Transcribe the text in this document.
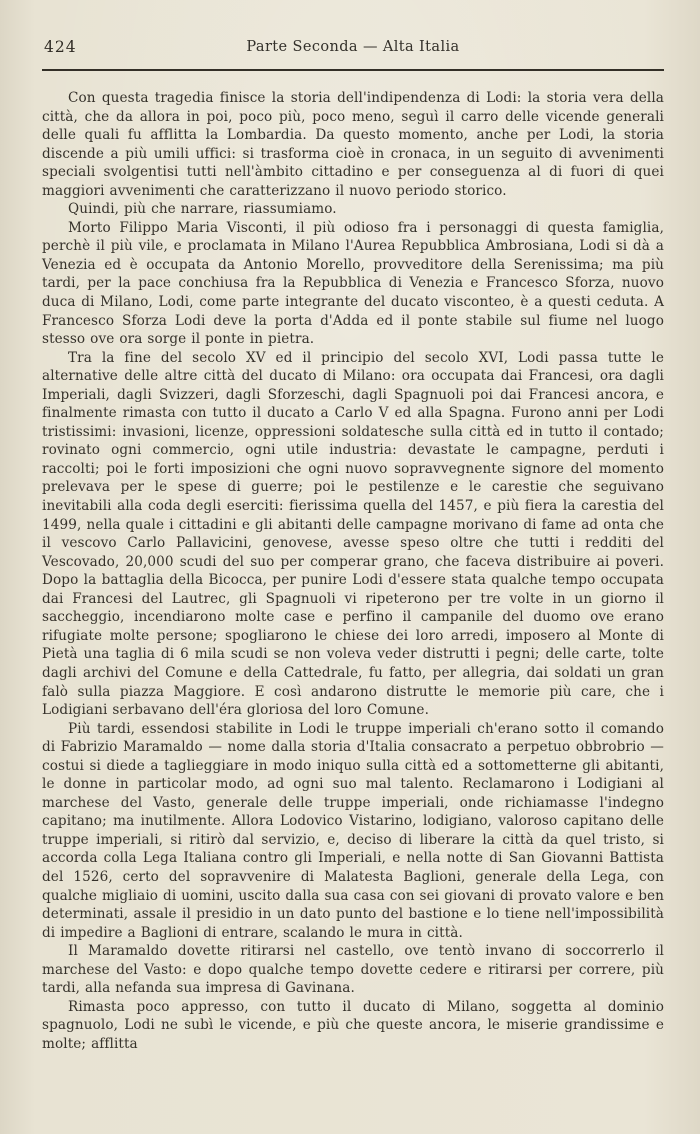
424	Parte Seconda — Alta Italia

Con questa tragedia finisce la storia dell'indipendenza di Lodi: la storia vera della città, che da allora in poi, poco più, poco meno, seguì il carro delle vicende generali delle quali fu afflitta la Lombardia. Da questo momento, anche per Lodi, la storia discende a più umili uffici: si trasforma cioè in cronaca, in un seguito di avvenimenti speciali svolgentisi tutti nell'àmbito cittadino e per conseguenza al di fuori di quei maggiori avvenimenti che caratterizzano il nuovo periodo storico.

Quindi, più che narrare, riassumiamo.

Morto Filippo Maria Visconti, il più odioso fra i personaggi di questa famiglia, perchè il più vile, e proclamata in Milano l'Aurea Repubblica Ambrosiana, Lodi si dà a Venezia ed è occupata da Antonio Morello, provveditore della Serenissima; ma più tardi, per la pace conchiusa fra la Repubblica di Venezia e Francesco Sforza, nuovo duca di Milano, Lodi, come parte integrante del ducato visconteo, è a questi ceduta. A Francesco Sforza Lodi deve la porta d'Adda ed il ponte stabile sul fiume nel luogo stesso ove ora sorge il ponte in pietra.

Tra la fine del secolo XV ed il principio del secolo XVI, Lodi passa tutte le alternative delle altre città del ducato di Milano: ora occupata dai Francesi, ora dagli Imperiali, dagli Svizzeri, dagli Sforzeschi, dagli Spagnuoli poi dai Francesi ancora, e finalmente rimasta con tutto il ducato a Carlo V ed alla Spagna. Furono anni per Lodi tristissimi: invasioni, licenze, oppressioni soldatesche sulla città ed in tutto il contado; rovinato ogni commercio, ogni utile industria: devastate le campagne, perduti i raccolti; poi le forti imposizioni che ogni nuovo sopravvegnente signore del momento prelevava per le spese di guerre; poi le pestilenze e le carestie che seguivano inevitabili alla coda degli eserciti: fierissima quella del 1457, e più fiera la carestia del 1499, nella quale i cittadini e gli abitanti delle campagne morivano di fame ad onta che il vescovo Carlo Pallavicini, genovese, avesse speso oltre che tutti i redditi del Vescovado, 20,000 scudi del suo per comperar grano, che faceva distribuire ai poveri. Dopo la battaglia della Bicocca, per punire Lodi d'essere stata qualche tempo occupata dai Francesi del Lautrec, gli Spagnuoli vi ripeterono per tre volte in un giorno il saccheggio, incendiarono molte case e perfino il campanile del duomo ove erano rifugiate molte persone; spogliarono le chiese dei loro arredi, imposero al Monte di Pietà una taglia di 6 mila scudi se non voleva veder distrutti i pegni; delle carte, tolte dagli archivi del Comune e della Cattedrale, fu fatto, per allegria, dai soldati un gran falò sulla piazza Maggiore. E così andarono distrutte le memorie più care, che i Lodigiani serbavano dell'éra gloriosa del loro Comune.

Più tardi, essendosi stabilite in Lodi le truppe imperiali ch'erano sotto il comando di Fabrizio Maramaldo — nome dalla storia d'Italia consacrato a perpetuo obbrobrio — costui si diede a taglieggiare in modo iniquo sulla città ed a sottometterne gli abitanti, le donne in particolar modo, ad ogni suo mal talento. Reclamarono i Lodigiani al marchese del Vasto, generale delle truppe imperiali, onde richiamasse l'indegno capitano; ma inutilmente. Allora Lodovico Vistarino, lodigiano, valoroso capitano delle truppe imperiali, si ritirò dal servizio, e, deciso di liberare la città da quel tristo, si accorda colla Lega Italiana contro gli Imperiali, e nella notte di San Giovanni Battista del 1526, certo del sopravvenire di Malatesta Baglioni, generale della Lega, con qualche migliaio di uomini, uscito dalla sua casa con sei giovani di provato valore e ben determinati, assale il presidio in un dato punto del bastione e lo tiene nell'impossibilità di impedire a Baglioni di entrare, scalando le mura in città.

Il Maramaldo dovette ritirarsi nel castello, ove tentò invano di soccorrerlo il marchese del Vasto: e dopo qualche tempo dovette cedere e ritirarsi per correre, più tardi, alla nefanda sua impresa di Gavinana.

Rimasta poco appresso, con tutto il ducato di Milano, soggetta al dominio spagnuolo, Lodi ne subì le vicende, e più che queste ancora, le miserie grandissime e molte; afflitta
